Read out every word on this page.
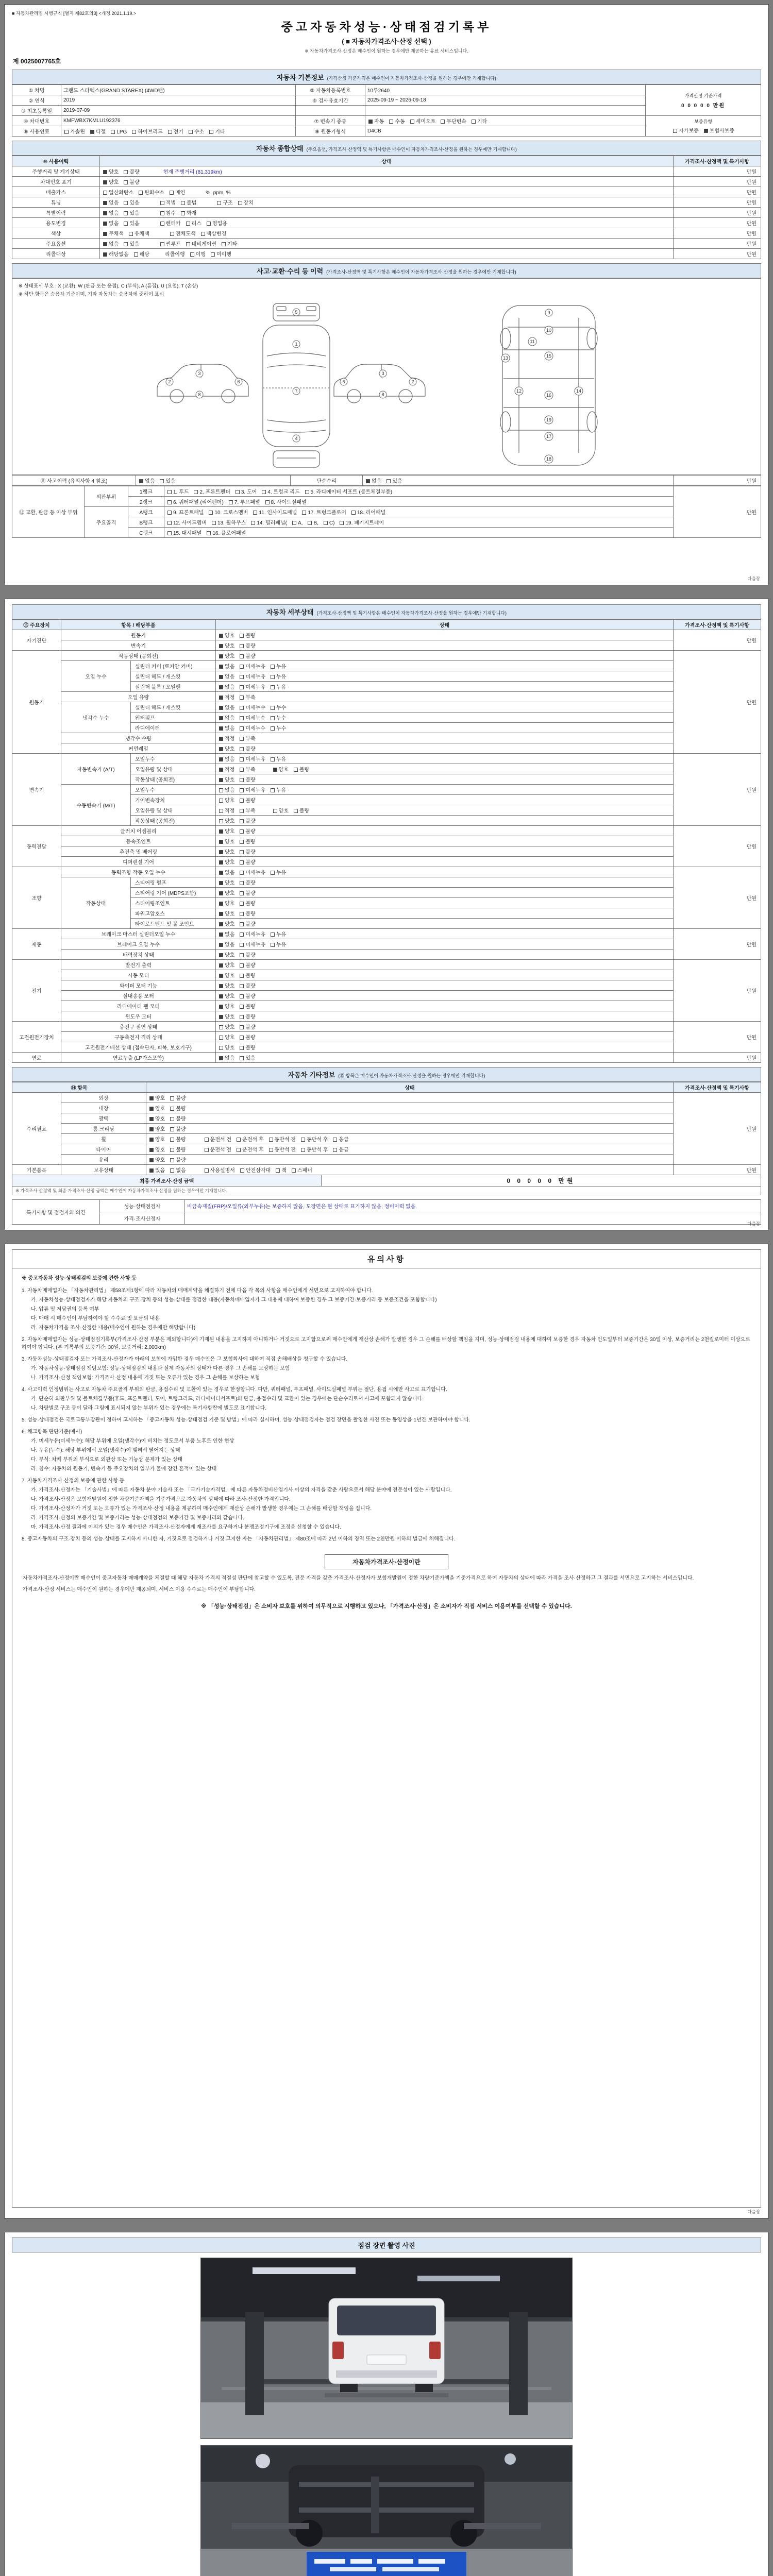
■ 자동차관리법 시행규칙 [별지 제82호의3] <개정 2021.1.19.>
중고자동차성능·상태점검기록부
( ■ 자동차가격조사·산정 선택 )
※ 자동차가격조사·산정은 매수인이 원하는 경우에만 제공하는 유료 서비스입니다.
제 0025007765호
자동차 기본정보 (가격산정 기준가격은 매수인이 자동차가격조사·산정을 원하는 경우에만 기재합니다)
① 차명	그랜드 스타렉스(GRAND STAREX) (4WD밴)	⑤ 자동차등록번호	10루2640	가격산정 기준가격
0 0 0 0 0 만원

② 연식	2019	⑥ 검사유효기간	2025-09-19 ~ 2026-09-18	
③ 최초등록일	2019-07-09			
④ 차대번호	KMFWBX7KMLU192376	⑦ 변속기 종류	자동 수동 세미오토 무단변속 기타	보증유형
자가보증 보험사보증

⑧ 사용연료	가솔린 디젤 LPG 하이브리드 전기 수소 기타	⑨ 원동기형식	D4CB	
자동차 종합상태 (주요옵션, 가격조사·산정액 및 특기사항은 매수인이 자동차가격조사·산정을 원하는 경우에만 기재합니다)
⑩ 사용이력	상태	가격조사·산정액 및 특기사항
주행거리 및 계기상태	양호 불량 현재 주행거리 (81,319km)	만원
차대번호 표기	양호 불량	만원
배출가스	일산화탄소 탄화수소 매연 %, ppm, %	만원
튜닝	없음 있음 적법 불법 구조 장치	만원
특별이력	없음 있음 침수 화재	만원
용도변경	없음 있음 렌터카 리스 영업용	만원
색상	무채색 유채색 전체도색 색상변경	만원
주요옵션	없음 있음 썬루프 네비게이션 기타	만원
리콜대상	해당없음 해당 리콜이행 이행 미이행	만원
사고·교환·수리 등 이력 (가격조사·산정액 및 특기사항은 매수인이 자동차가격조사·산정을 원하는 경우에만 기재합니다)
※ 상태표시 부호 : X (교환), W (판금 또는 용접), C (부식), A (흠집), U (요철), T (손상)
※ 하단 항목은 승용차 기준이며, 기타 자동차는 승용차에 준하여 표시
5
1
7
4
2
3
6
8
2
3
6
8
9
10
11
13	15
12	14
16
19
17
18
⑪ 사고이력 (유의사항 4 참조)	없음 있음	단순수리	없음 있음	만원
⑫ 교환, 판금 등 이상 부위	외판부위	1랭크	1. 후드 2. 프론트펜더 3. 도어 4. 트렁크 리드 5. 라디에이터 서포트 (볼트체결부품)	만원
		2랭크	6. 쿼터패널 (리어펜더) 7. 루프패널 8. 사이드실패널	
	주요골격	A랭크	9. 프론트패널 10. 크로스멤버 11. 인사이드패널 17. 트렁크플로어 18. 리어패널	
		B랭크	12. 사이드멤버 13. 휠하우스 14. 필러패널( A, B, C) 19. 패키지트레이	
		C랭크	15. 대시패널 16. 플로어패널	
다음장
자동차 세부상태 (가격조사·산정액 및 특기사항은 매수인이 자동차가격조사·산정을 원하는 경우에만 기재합니다)
⑬ 주요장치	항목 / 해당부품		상태	가격조사·산정액 및 특기사항
자기진단	원동기		양호 불량	만원
	변속기		양호 불량	
원동기	작동상태 (공회전)		양호 불량	만원
	오일 누수	실린더 커버 (로커암 커버)	없음 미세누유 누유	
		실린더 헤드 / 개스킷	없음 미세누유 누유	
		실린더 블록 / 오일팬	없음 미세누유 누유	
	오일 유량		적정 부족	
	냉각수 누수	실린더 헤드 / 개스킷	없음 미세누수 누수	
		워터펌프	없음 미세누수 누수	
		라디에이터	없음 미세누수 누수	
	냉각수 수량		적정 부족	
	커먼레일		양호 불량	
변속기	자동변속기 (A/T)	오일누수	없음 미세누유 누유	만원
		오일유량 및 상태	적정 부족 양호 불량	
		작동상태 (공회전)	양호 불량	
	수동변속기 (M/T)	오일누수	없음 미세누유 누유	
		기어변속장치	양호 불량	
		오일유량 및 상태	적정 부족 양호 불량	
		작동상태 (공회전)	양호 불량	
동력전달	클러치 어셈블리		양호 불량	만원
	등속조인트		양호 불량	
	추진축 및 베어링		양호 불량	
	디퍼렌셜 기어		양호 불량	
조향	동력조향 작동 오일 누수		없음 미세누유 누유	만원
	작동상태	스티어링 펌프	양호 불량	
		스티어링 기어 (MDPS포함)	양호 불량	
		스티어링조인트	양호 불량	
		파워고압호스	양호 불량	
		타이로드엔드 및 볼 조인트	양호 불량	
제동	브레이크 마스터 실린더오일 누수		없음 미세누유 누유	만원
	브레이크 오일 누수		없음 미세누유 누유	
	배력장치 상태		양호 불량	
전기	발전기 출력		양호 불량	만원
	시동 모터		양호 불량	
	와이퍼 모터 기능		양호 불량	
	실내송풍 모터		양호 불량	
	라디에이터 팬 모터		양호 불량	
	윈도우 모터		양호 불량	
고전원전기장치	충전구 절연 상태		양호 불량	만원
	구동축전지 격리 상태		양호 불량	
	고전원전기배선 상태 (접속단자, 피복, 보호기구)		양호 불량	
연료	연료누출 (LP가스포함)		없음 있음	만원
자동차 기타정보 (⑮ 항목은 매수인이 자동차가격조사·산정을 원하는 경우에만 기재합니다)
⑭ 항목		상태	가격조사·산정액 및 특기사항
수리필요	외장	양호 불량	만원
	내장	양호 불량	
	광택	양호 불량	
	룸 크리닝	양호 불량	
	휠	양호 불량 운전석 전 운전석 후 동반석 전 동반석 후 응급	
	타이어	양호 불량 운전석 전 운전석 후 동반석 전 동반석 후 응급	
	유리	양호 불량	
기본품목	보유상태	있음 없음 사용설명서 안전삼각대 잭 스패너	만원
최종 가격조사·산정 금액	0 0 0 0 0 만원
※ 가격조사·산정액 및 최종 가격조사·산정 금액은 매수인이 자동차가격조사·산정을 원하는 경우에만 기재합니다.
특기사항 및 점검자의 의견	성능·상태점검자	비금속재질(FRP)/오일류(외부누유)는 보증하지 않음, 도장면은 현 상태로 표기하지 않음, 정비이력 없음.
	가격·조사산정자	
다음장
유의사항
※ 중고자동차 성능·상태점검의 보증에 관한 사항 등
1. 자동차매매업자는 「자동차관리법」 제58조제1항에 따라 자동차의 매매계약을 체결하기 전에 다음 각 목의 사항을 매수인에게 서면으로 고지하여야 합니다.
가. 자동차성능·상태점검자가 해당 자동차의 구조·장치 등의 성능·상태를 점검한 내용(자동차매매업자가 그 내용에 대하여 보증한 경우 그 보증기간·보증거리 등 보증조건을 포함합니다)
나. 압류 및 저당권의 등록 여부
다. 매매 시 매수인이 부담하여야 할 수수료 및 요금의 내용
라. 자동차가격을 조사·산정한 내용(매수인이 원하는 경우에만 해당합니다)
2. 자동차매매업자는 성능·상태점검기록부(가격조사·산정 부분은 제외합니다)에 기재된 내용을 고지하지 아니하거나 거짓으로 고지함으로써 매수인에게 재산상 손해가 발생한 경우 그 손해를 배상할 책임을 지며, 성능·상태점검 내용에 대하여 보증한 경우 자동차 인도일부터 보증기간은 30일 이상, 보증거리는 2천킬로미터 이상으로 하여야 합니다. (본 기록부의 보증기간: 30일, 보증거리: 2,000km)
3. 자동차성능·상태점검자 또는 가격조사·산정자가 아래의 보험에 가입한 경우 매수인은 그 보험회사에 대하여 직접 손해배상을 청구할 수 있습니다.
가. 자동차성능·상태점검 책임보험: 성능·상태점검의 내용과 실제 자동차의 상태가 다른 경우 그 손해를 보상하는 보험
나. 가격조사·산정 책임보험: 가격조사·산정 내용에 거짓 또는 오류가 있는 경우 그 손해를 보상하는 보험
4. 사고이력 인정범위는 사고로 자동차 주요골격 부위의 판금, 용접수리 및 교환이 있는 경우로 한정합니다. 다만, 쿼터패널, 루프패널, 사이드실패널 부위는 절단, 용접 시에만 사고로 표기합니다.
가. 단순히 외판부위 및 볼트체결부품(후드, 프론트펜더, 도어, 트렁크리드, 라디에이터서포트)의 판금, 용접수리 및 교환이 있는 경우에는 단순수리로서 사고에 포함되지 않습니다.
나. 차량별로 구조 등이 달라 그림에 표시되지 않는 부위가 있는 경우에는 특기사항란에 별도로 표기합니다.
5. 성능·상태점검은 국토교통부장관이 정하여 고시하는 「중고자동차 성능·상태점검 기준 및 방법」에 따라 실시하며, 성능·상태점검자는 점검 장면을 촬영한 사진 또는 동영상을 1년간 보관하여야 합니다.
6. 체크항목 판단기준(예시)
가. 미세누유(미세누수): 해당 부위에 오일(냉각수)이 비치는 정도로서 부품 노후로 인한 현상
나. 누유(누수): 해당 부위에서 오일(냉각수)이 맺혀서 떨어지는 상태
다. 부식: 차체 부위의 부식으로 외관상 또는 기능상 문제가 있는 상태
라. 침수: 자동차의 원동기, 변속기 등 주요장치의 일부가 물에 잠긴 흔적이 있는 상태
7. 자동차가격조사·산정의 보증에 관한 사항 등
가. 가격조사·산정자는 「기술사법」에 따른 자동차 분야 기술사 또는 「국가기술자격법」에 따른 자동차정비산업기사 이상의 자격을 갖춘 사람으로서 해당 분야에 전문성이 있는 사람입니다.
나. 가격조사·산정은 보험개발원이 정한 차량기준가액을 기준가격으로 자동차의 상태에 따라 조사·산정한 가격입니다.
다. 가격조사·산정자가 거짓 또는 오류가 있는 가격조사·산정 내용을 제공하여 매수인에게 재산상 손해가 발생한 경우에는 그 손해를 배상할 책임을 집니다.
라. 가격조사·산정의 보증기간 및 보증거리는 성능·상태점검의 보증기간 및 보증거리와 같습니다.
마. 가격조사·산정 결과에 이의가 있는 경우 매수인은 가격조사·산정자에게 재조사를 요구하거나 분쟁조정기구에 조정을 신청할 수 있습니다.
8. 중고자동차의 구조·장치 등의 성능·상태를 고지하지 아니한 자, 거짓으로 점검하거나 거짓 고지한 자는 「자동차관리법」 제80조에 따라 2년 이하의 징역 또는 2천만원 이하의 벌금에 처해집니다.
자동차가격조사·산정이란
자동차가격조사·산정이란 매수인이 중고자동차 매매계약을 체결할 때 해당 자동차 가격의 적절성 판단에 참고할 수 있도록, 전문 자격을 갖춘 가격조사·산정자가 보험개발원이 정한 차량기준가액을 기준가격으로 하여 자동차의 상태에 따라 가격을 조사·산정하고 그 결과를 서면으로 고지하는 서비스입니다.
가격조사·산정 서비스는 매수인이 원하는 경우에만 제공되며, 서비스 이용 수수료는 매수인이 부담합니다.
※ 「성능·상태점검」은 소비자 보호를 위하여 의무적으로 시행하고 있으나, 「가격조사·산정」은 소비자가 직접 서비스 이용여부를 선택할 수 있습니다.
다음장
점검 장면 촬영 사진
